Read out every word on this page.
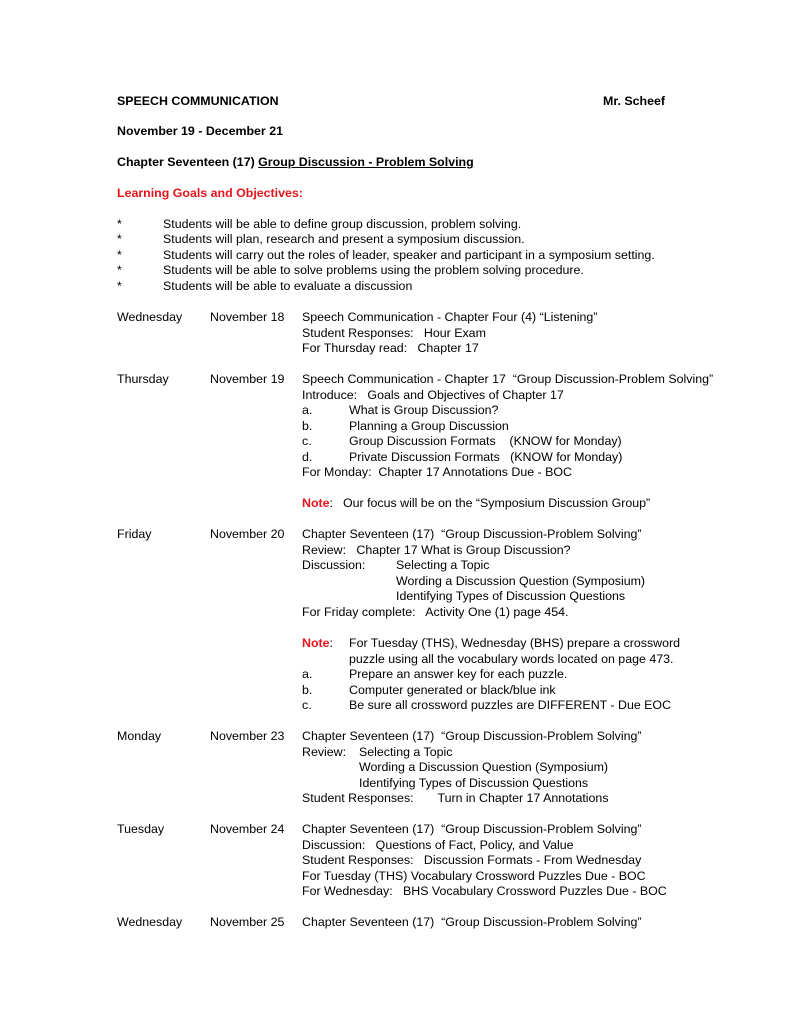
SPEECH COMMUNICATION	Mr. Scheef
November 19 - December 21
Chapter Seventeen (17) Group Discussion - Problem Solving
Learning Goals and Objectives:
*	Students will be able to define group discussion, problem solving.
*	Students will plan, research and present a symposium discussion.
*	Students will carry out the roles of leader, speaker and participant in a symposium setting.
*	Students will be able to solve problems using the problem solving procedure.
*	Students will be able to evaluate a discussion
Wednesday November 18 Speech Communication - Chapter Four (4) “Listening”
Student Responses:   Hour Exam
For Thursday read:   Chapter 17
Thursday	November 19 Speech Communication - Chapter 17  “Group Discussion-Problem Solving”
Introduce:   Goals and Objectives of Chapter 17
a.	What is Group Discussion?
b.	Planning a Group Discussion
c.	Group Discussion Formats    (KNOW for Monday)
d.	Private Discussion Formats   (KNOW for Monday)
For Monday:  Chapter 17 Annotations Due - BOC
Note: Our focus will be on the “Symposium Discussion Group”
Friday	November 20 Chapter Seventeen (17)  “Group Discussion-Problem Solving”
Review:   Chapter 17 What is Group Discussion?
Discussion: Selecting a Topic
Wording a Discussion Question (Symposium)
Identifying Types of Discussion Questions
For Friday complete:   Activity One (1) page 454.
Note: For Tuesday (THS), Wednesday (BHS) prepare a crossword
puzzle using all the vocabulary words located on page 473.
a.	Prepare an answer key for each puzzle.
b.	Computer generated or black/blue ink
c.	Be sure all crossword puzzles are DIFFERENT - Due EOC
Monday	November 23 Chapter Seventeen (17)  “Group Discussion-Problem Solving”
Review: Selecting a Topic
Wording a Discussion Question (Symposium)
Identifying Types of Discussion Questions
Student Responses:       Turn in Chapter 17 Annotations
Tuesday	November 24 Chapter Seventeen (17)  “Group Discussion-Problem Solving”
Discussion:   Questions of Fact, Policy, and Value
Student Responses:   Discussion Formats - From Wednesday
For Tuesday (THS) Vocabulary Crossword Puzzles Due - BOC
For Wednesday:   BHS Vocabulary Crossword Puzzles Due - BOC
Wednesday November 25 Chapter Seventeen (17)  “Group Discussion-Problem Solving”
